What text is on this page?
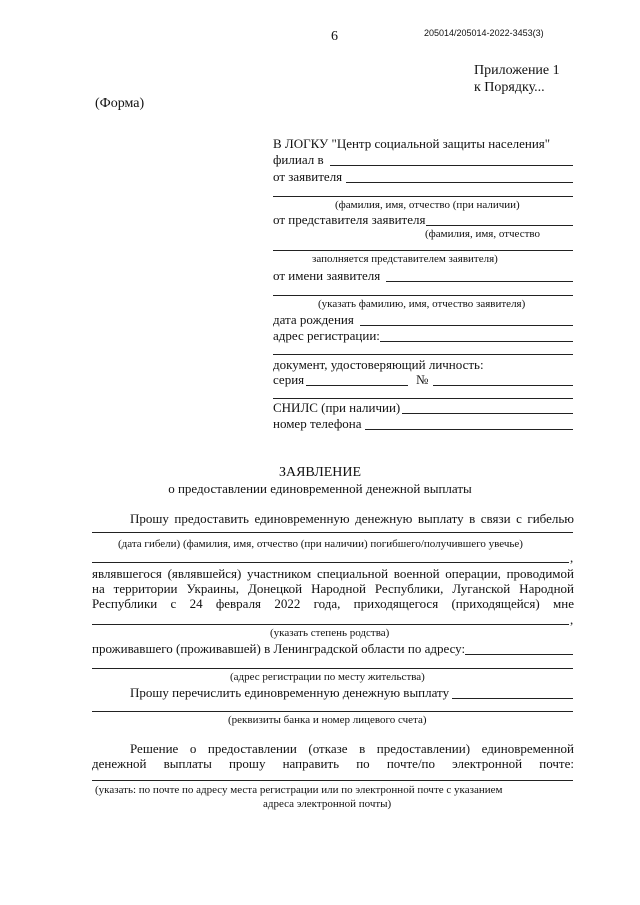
205014/205014-2022-3453(3)
6
Приложение 1
к Порядку...
(Форма)
В ЛОГКУ "Центр социальной защиты населения"
филиал в
от заявителя
(фамилия, имя, отчество (при наличии)
от представителя заявителя
(фамилия, имя, отчество
заполняется представителем заявителя)
от имени заявителя
(указать фамилию, имя, отчество заявителя)
дата рождения
адрес регистрации:
документ, удостоверяющий личность:
серия	№
СНИЛС (при наличии)
номер телефона
ЗАЯВЛЕНИЕ
о предоставлении единовременной денежной выплаты
Прошу предоставить единовременную денежную выплату в связи с гибелью
(дата гибели) (фамилия, имя, отчество (при наличии) погибшего/получившего увечье)
,
являвшегося (являвшейся) участником специальной военной операции, проводимой
на территории Украины, Донецкой Народной Республики, Луганской Народной
Республики с 24 февраля 2022 года, приходящегося (приходящейся) мне
,
(указать степень родства)
проживавшего (проживавшей) в Ленинградской области по адресу:
(адрес регистрации по месту жительства)
Прошу перечислить единовременную денежную выплату
(реквизиты банка и номер лицевого счета)
Решение о предоставлении (отказе в предоставлении) единовременной
денежной выплаты прошу направить по почте/по электронной почте:
(указать: по почте по адресу места регистрации или по электронной почте с указанием
адреса электронной почты)
